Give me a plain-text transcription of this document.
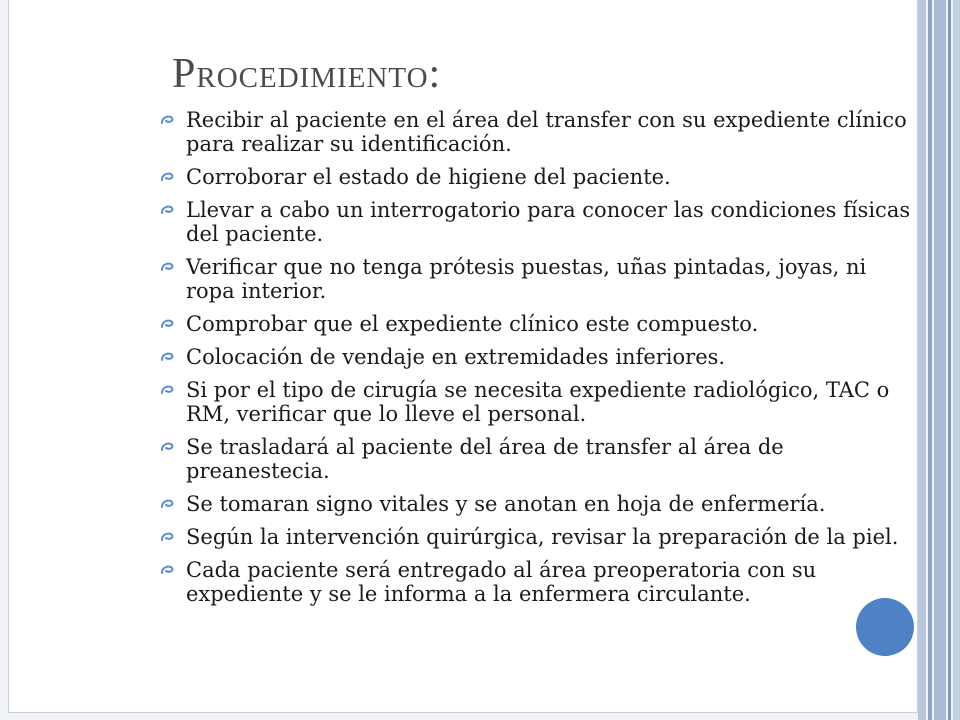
Procedimiento:
Recibir al paciente en el área del transfer con su expediente clínico para realizar su identificación.
Corroborar el estado de higiene del paciente.
Llevar a cabo un interrogatorio para conocer las condiciones físicas del paciente.
Verificar que no tenga prótesis puestas, uñas pintadas, joyas, ni ropa interior.
Comprobar que el expediente clínico este compuesto.
Colocación de vendaje en extremidades inferiores.
Si por el tipo de cirugía se necesita expediente radiológico, TAC o RM, verificar que lo lleve el personal.
Se trasladará al paciente del área de transfer al área de preanestecia.
Se tomaran signo vitales y se anotan en hoja de enfermería.
Según la intervención quirúrgica, revisar la preparación de la piel.
Cada paciente será entregado al área preoperatoria con su expediente y se le informa a la enfermera circulante.
